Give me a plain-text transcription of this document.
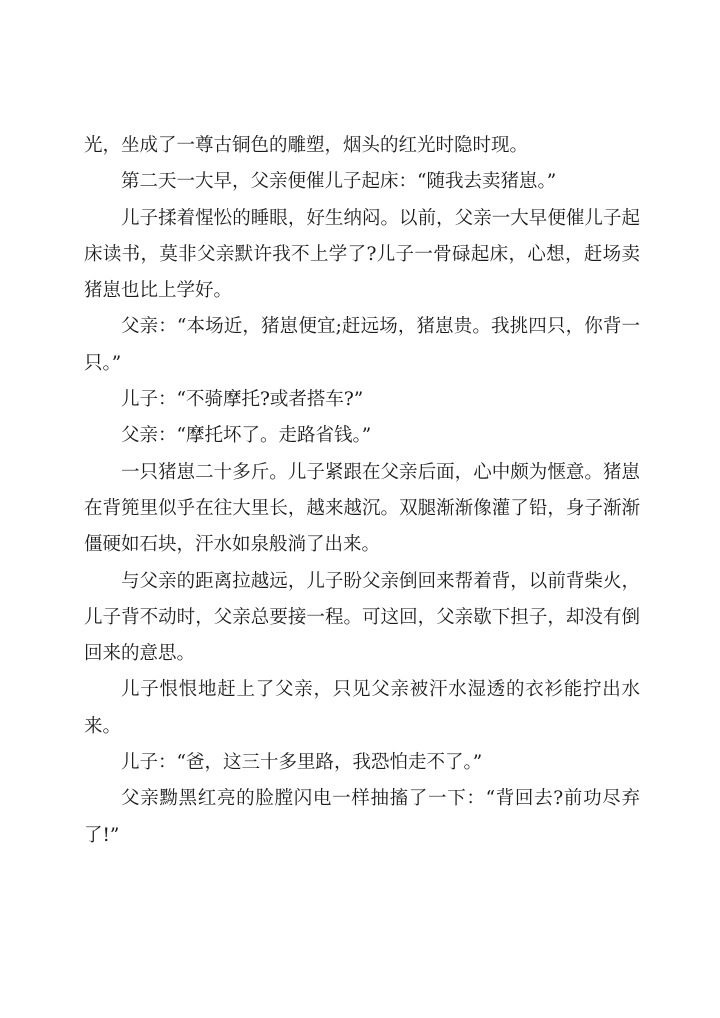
光，坐成了一尊古铜色的雕塑，烟头的红光时隐时现。

第二天一大早，父亲便催儿子起床：“随我去卖猪崽。”

儿子揉着惺忪的睡眼，好生纳闷。以前，父亲一大早便催儿子起床读书，莫非父亲默许我不上学了?儿子一骨碌起床，心想，赶场卖猪崽也比上学好。

父亲：“本场近，猪崽便宜;赶远场，猪崽贵。我挑四只，你背一只。”

儿子：“不骑摩托?或者搭车?”

父亲：“摩托坏了。走路省钱。”

一只猪崽二十多斤。儿子紧跟在父亲后面，心中颇为惬意。猪崽在背篼里似乎在往大里长，越来越沉。双腿渐渐像灌了铅，身子渐渐僵硬如石块，汗水如泉般淌了出来。

与父亲的距离拉越远，儿子盼父亲倒回来帮着背，以前背柴火，儿子背不动时，父亲总要接一程。可这回，父亲歇下担子，却没有倒回来的意思。

儿子恨恨地赶上了父亲，只见父亲被汗水湿透的衣衫能拧出水来。

儿子：“爸，这三十多里路，我恐怕走不了。”

父亲黝黑红亮的脸膛闪电一样抽搐了一下：“背回去?前功尽弃了!”
